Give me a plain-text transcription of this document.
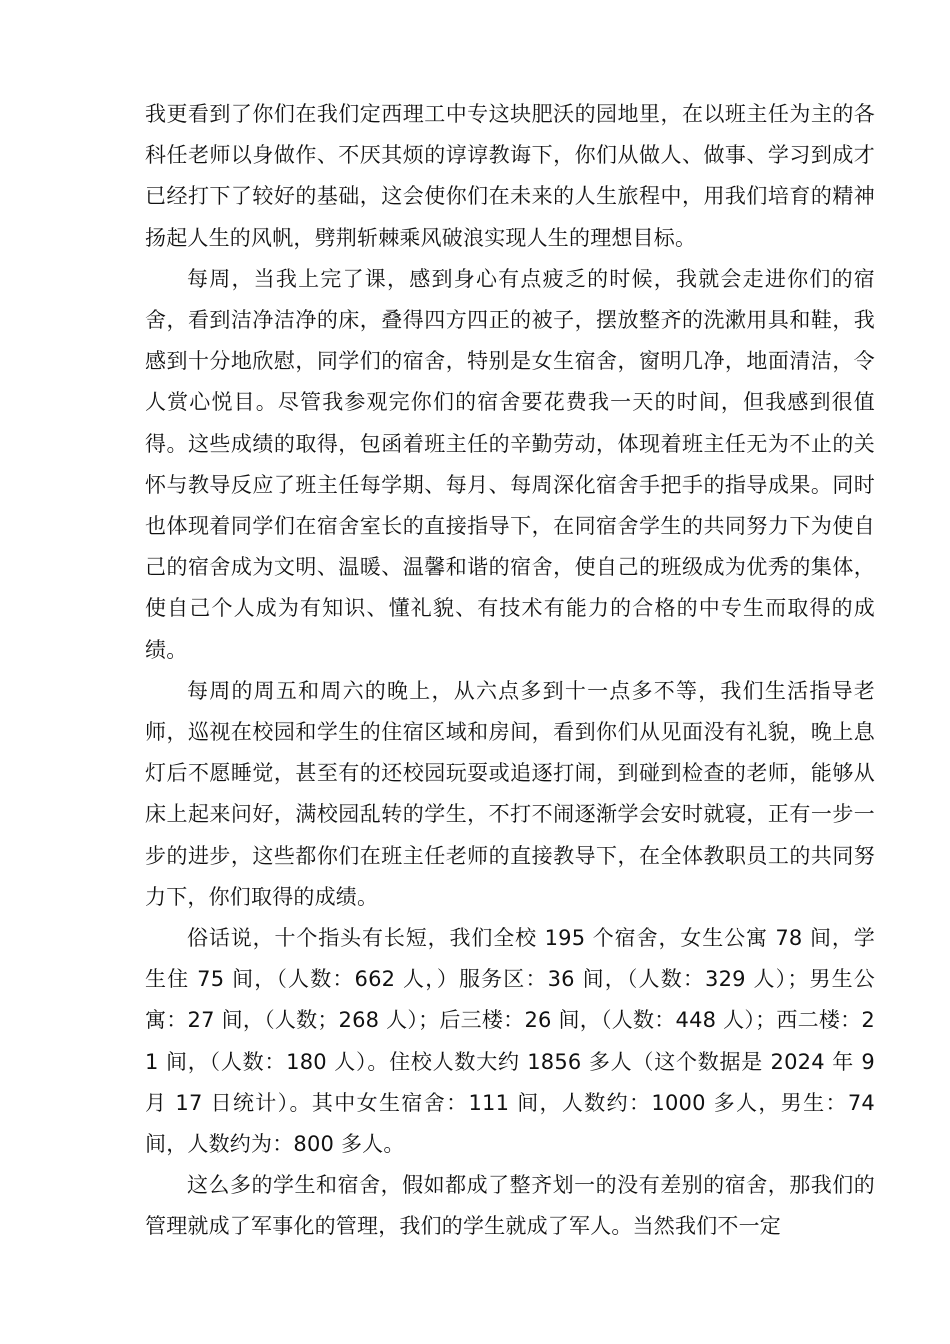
我更看到了你们在我们定西理工中专这块肥沃的园地里，在以班主任为主的各科任老师以身做作、不厌其烦的谆谆教诲下，你们从做人、做事、学习到成才已经打下了较好的基础，这会使你们在未来的人生旅程中，用我们培育的精神扬起人生的风帆，劈荆斩棘乘风破浪实现人生的理想目标。

每周，当我上完了课，感到身心有点疲乏的时候，我就会走进你们的宿舍，看到洁净洁净的床，叠得四方四正的被子，摆放整齐的洗漱用具和鞋，我感到十分地欣慰，同学们的宿舍，特别是女生宿舍，窗明几净，地面清洁，令人赏心悦目。尽管我参观完你们的宿舍要花费我一天的时间，但我感到很值得。这些成绩的取得，包函着班主任的辛勤劳动，体现着班主任无为不止的关怀与教导反应了班主任每学期、每月、每周深化宿舍手把手的指导成果。同时也体现着同学们在宿舍室长的直接指导下，在同宿舍学生的共同努力下为使自己的宿舍成为文明、温暖、温馨和谐的宿舍，使自己的班级成为优秀的集体，使自己个人成为有知识、懂礼貌、有技术有能力的合格的中专生而取得的成绩。

每周的周五和周六的晚上，从六点多到十一点多不等，我们生活指导老师，巡视在校园和学生的住宿区域和房间，看到你们从见面没有礼貌，晚上息灯后不愿睡觉，甚至有的还校园玩耍或追逐打闹，到碰到检查的老师，能够从床上起来问好，满校园乱转的学生，不打不闹逐渐学会安时就寝，正有一步一步的进步，这些都你们在班主任老师的直接教导下，在全体教职员工的共同努力下，你们取得的成绩。

俗话说，十个指头有长短，我们全校 195 个宿舍，女生公寓 78 间，学生住 75 间，（人数：662 人，）服务区：36 间，（人数：329 人）；男生公寓：27 间，（人数；268 人）；后三楼：26 间，（人数：448 人）；西二楼：21 间，（人数：180 人）。住校人数大约 1856 多人（这个数据是 2024 年 9 月 17 日统计）。其中女生宿舍：111 间，人数约：1000 多人，男生：74 间，人数约为：800 多人。

这么多的学生和宿舍，假如都成了整齐划一的没有差别的宿舍，那我们的管理就成了军事化的管理，我们的学生就成了军人。当然我们不一定
